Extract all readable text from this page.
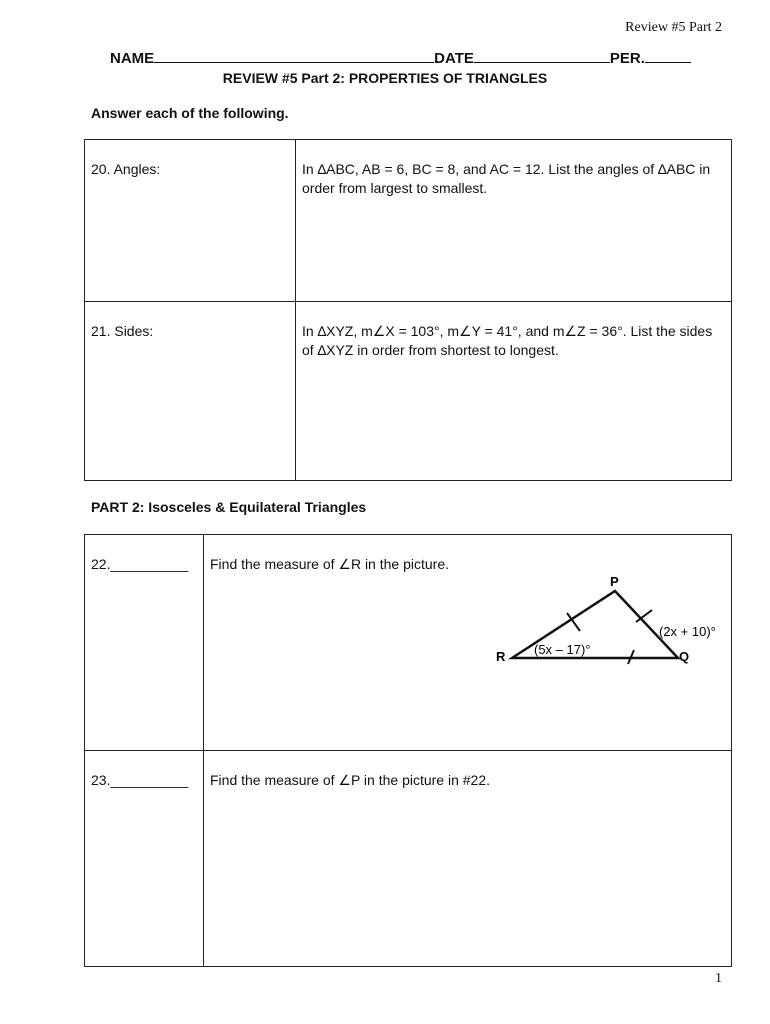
Review #5 Part 2
NAME	DATE	PER.
REVIEW #5 Part 2: PROPERTIES OF TRIANGLES
Answer each of the following.
20. Angles:	In ∆ABC, AB = 6, BC = 8, and AC = 12. List the angles of ∆ABC in order from largest to smallest.

21. Sides:	In ∆XYZ, m∠X = 103°, m∠Y = 41°, and m∠Z = 36°. List the sides of ∆XYZ in order from shortest to longest.
PART 2: Isosceles & Equilateral Triangles
22.__________	Find the measure of ∠R in the picture.

23.__________	Find the measure of ∠P in the picture in #22.
P
R	Q
(2x + 10)°
(5x – 17)°
1
